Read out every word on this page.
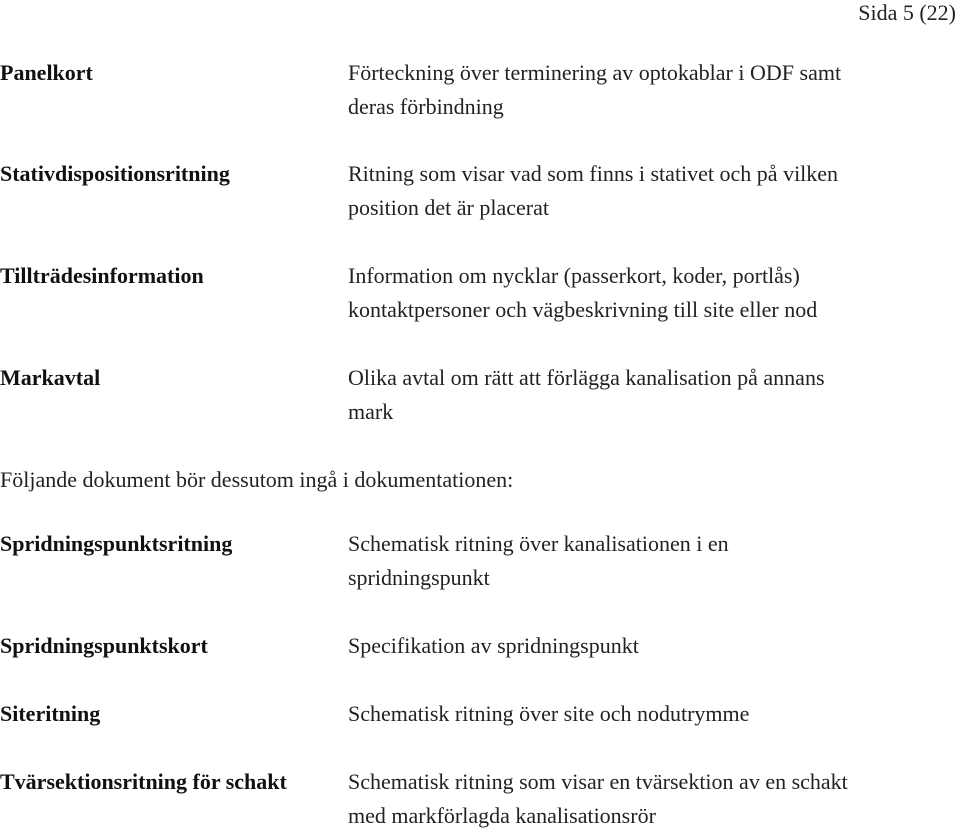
Sida 5 (22)
Panelkort	Förteckning över terminering av optokablar i ODF samt
deras förbindning
Stativdispositionsritning	Ritning som visar vad som finns i stativet och på vilken
position det är placerat
Tillträdesinformation	Information om nycklar (passerkort, koder, portlås)
kontaktpersoner och vägbeskrivning till site eller nod
Markavtal	Olika avtal om rätt att förlägga kanalisation på annans
mark
Följande dokument bör dessutom ingå i dokumentationen:
Spridningspunktsritning	Schematisk ritning över kanalisationen i en
spridningspunkt
Spridningspunktskort	Specifikation av spridningspunkt
Siteritning	Schematisk ritning över site och nodutrymme
Tvärsektionsritning för schakt	Schematisk ritning som visar en tvärsektion av en schakt
med markförlagda kanalisationsrör
